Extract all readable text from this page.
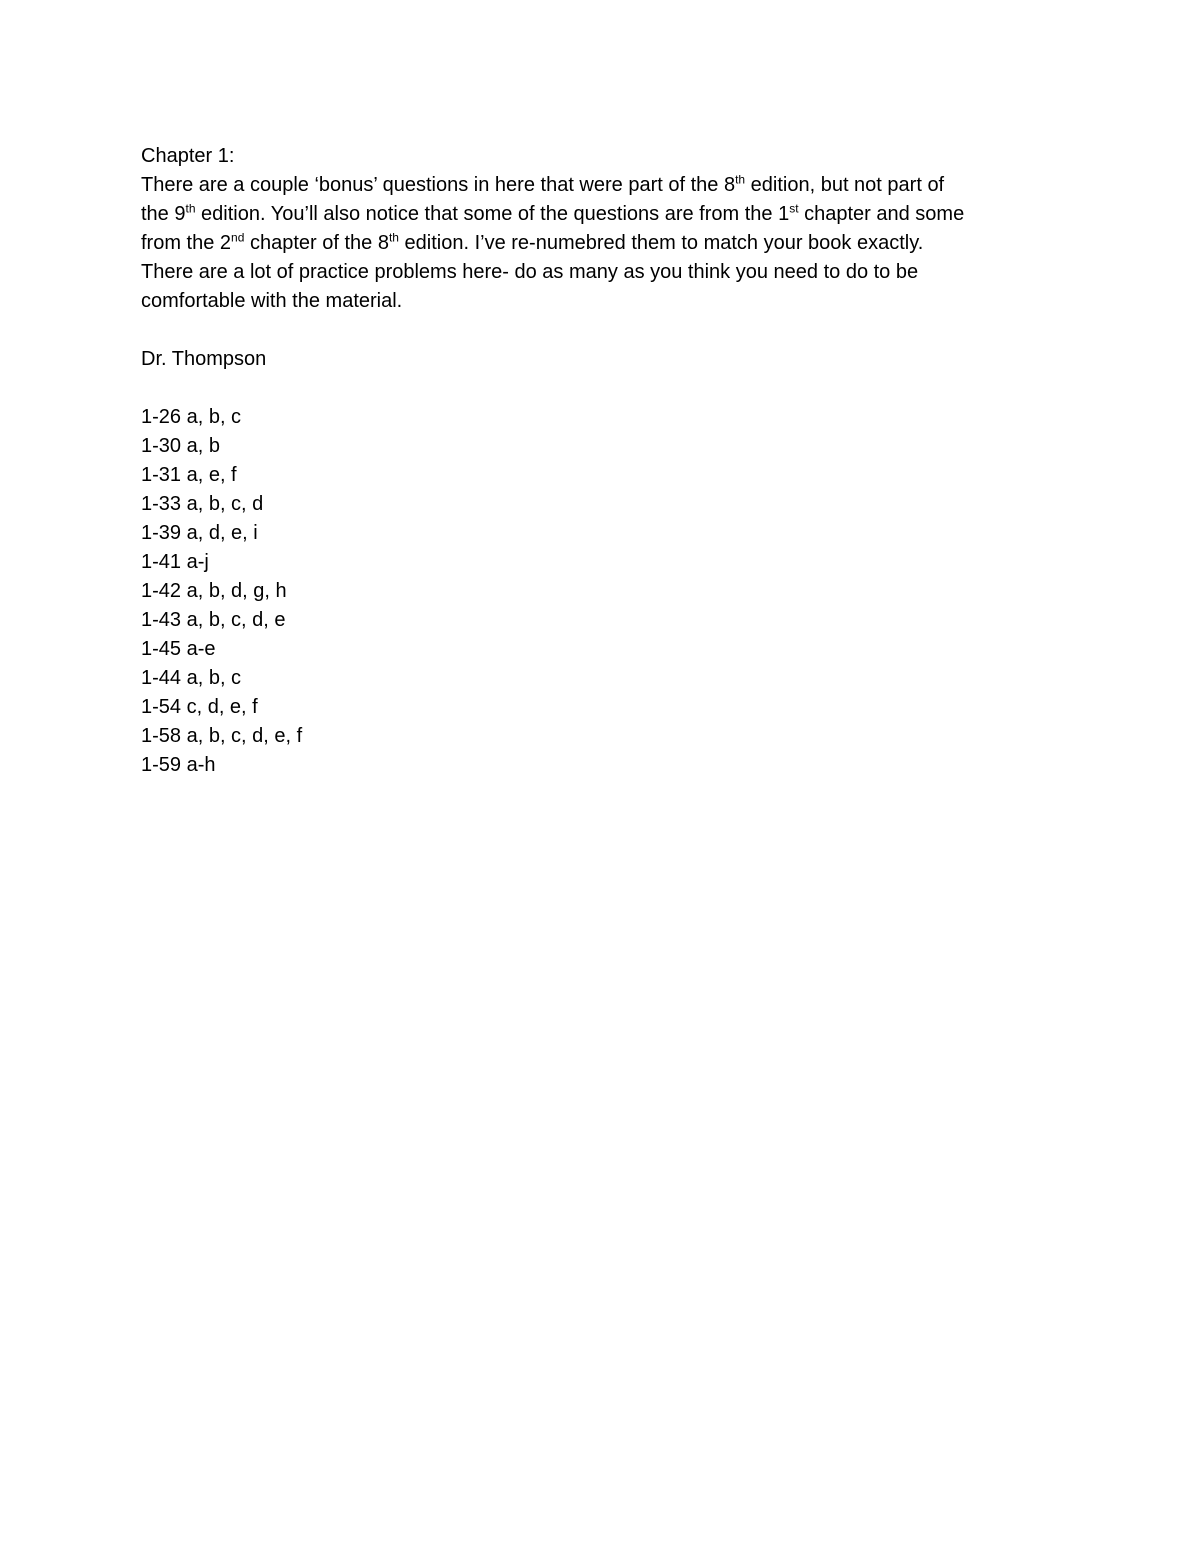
Chapter 1:
There are a couple ‘bonus’ questions in here that were part of the 8th edition, but not part of
the 9th edition. You’ll also notice that some of the questions are from the 1st chapter and some
from the 2nd chapter of the 8th edition. I’ve re-numebred them to match your book exactly.
There are a lot of practice problems here- do as many as you think you need to do to be
comfortable with the material.
Dr. Thompson
1-26 a, b, c
1-30 a, b
1-31 a, e, f
1-33 a, b, c, d
1-39 a, d, e, i
1-41 a-j
1-42 a, b, d, g, h
1-43 a, b, c, d, e
1-45 a-e
1-44 a, b, c
1-54 c, d, e, f
1-58 a, b, c, d, e, f
1-59 a-h
